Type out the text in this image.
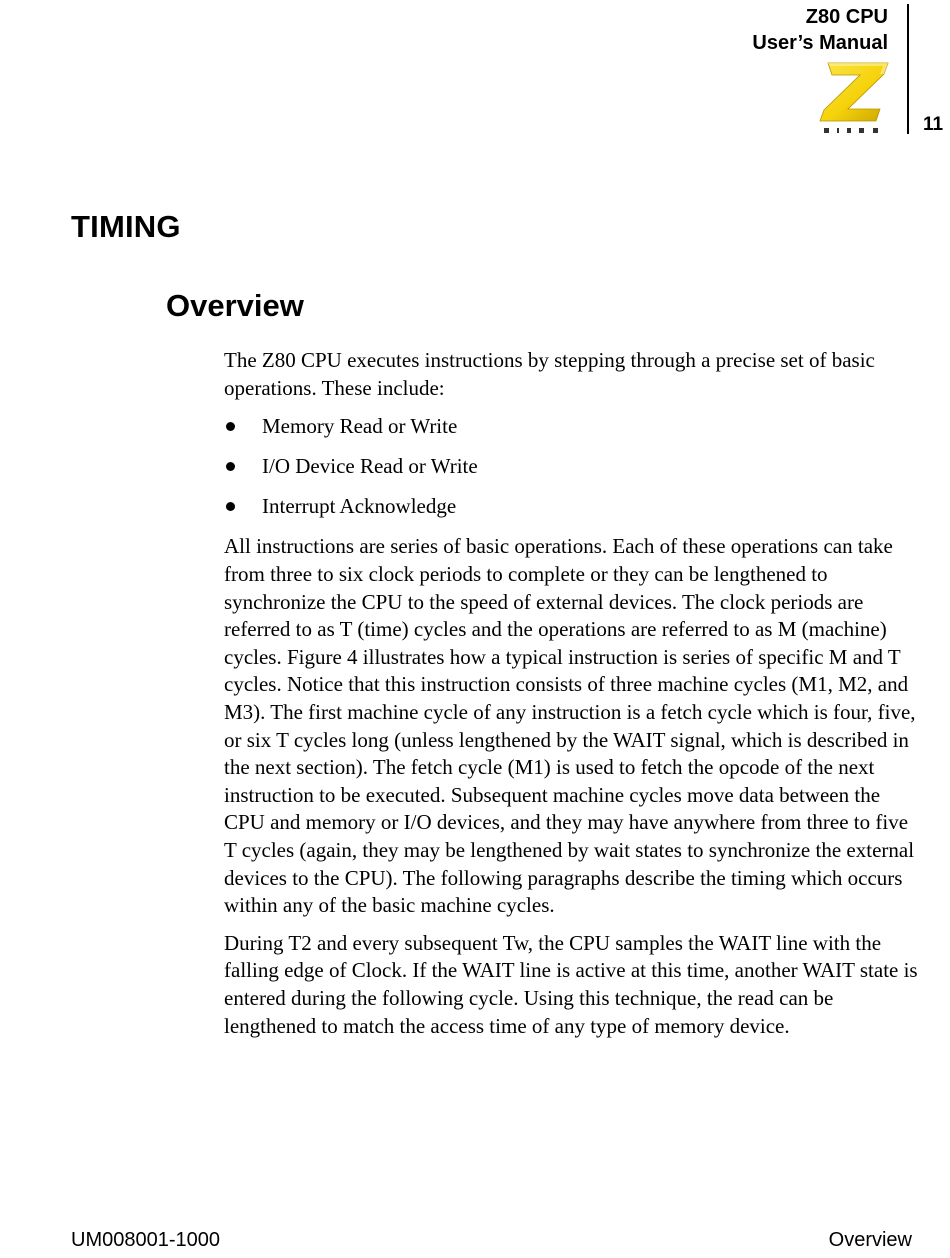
Z80 CPU
User’s Manual
11
TIMING
Overview

The Z80 CPU executes instructions by stepping through a precise set of basic operations. These include:

Memory Read or Write
I/O Device Read or Write
Interrupt Acknowledge

All instructions are series of basic operations. Each of these operations can take from three to six clock periods to complete or they can be lengthened to synchronize the CPU to the speed of external devices. The clock periods are referred to as T (time) cycles and the operations are referred to as M (machine) cycles. Figure 4 illustrates how a typical instruction is series of specific M and T cycles. Notice that this instruction consists of three machine cycles (M1, M2, and M3). The first machine cycle of any instruction is a fetch cycle which is four, five, or six T cycles long (unless lengthened by the WAIT signal, which is described in the next section). The fetch cycle (M1) is used to fetch the opcode of the next instruction to be executed. Subsequent machine cycles move data between the CPU and memory or I/O devices, and they may have anywhere from three to five T cycles (again, they may be lengthened by wait states to synchronize the external devices to the CPU). The following paragraphs describe the timing which occurs within any of the basic machine cycles.

During T2 and every subsequent Tw, the CPU samples the WAIT line with the falling edge of Clock. If the WAIT line is active at this time, another WAIT state is entered during the following cycle. Using this technique, the read can be lengthened to match the access time of any type of memory device.

UM008001-1000	Overview
